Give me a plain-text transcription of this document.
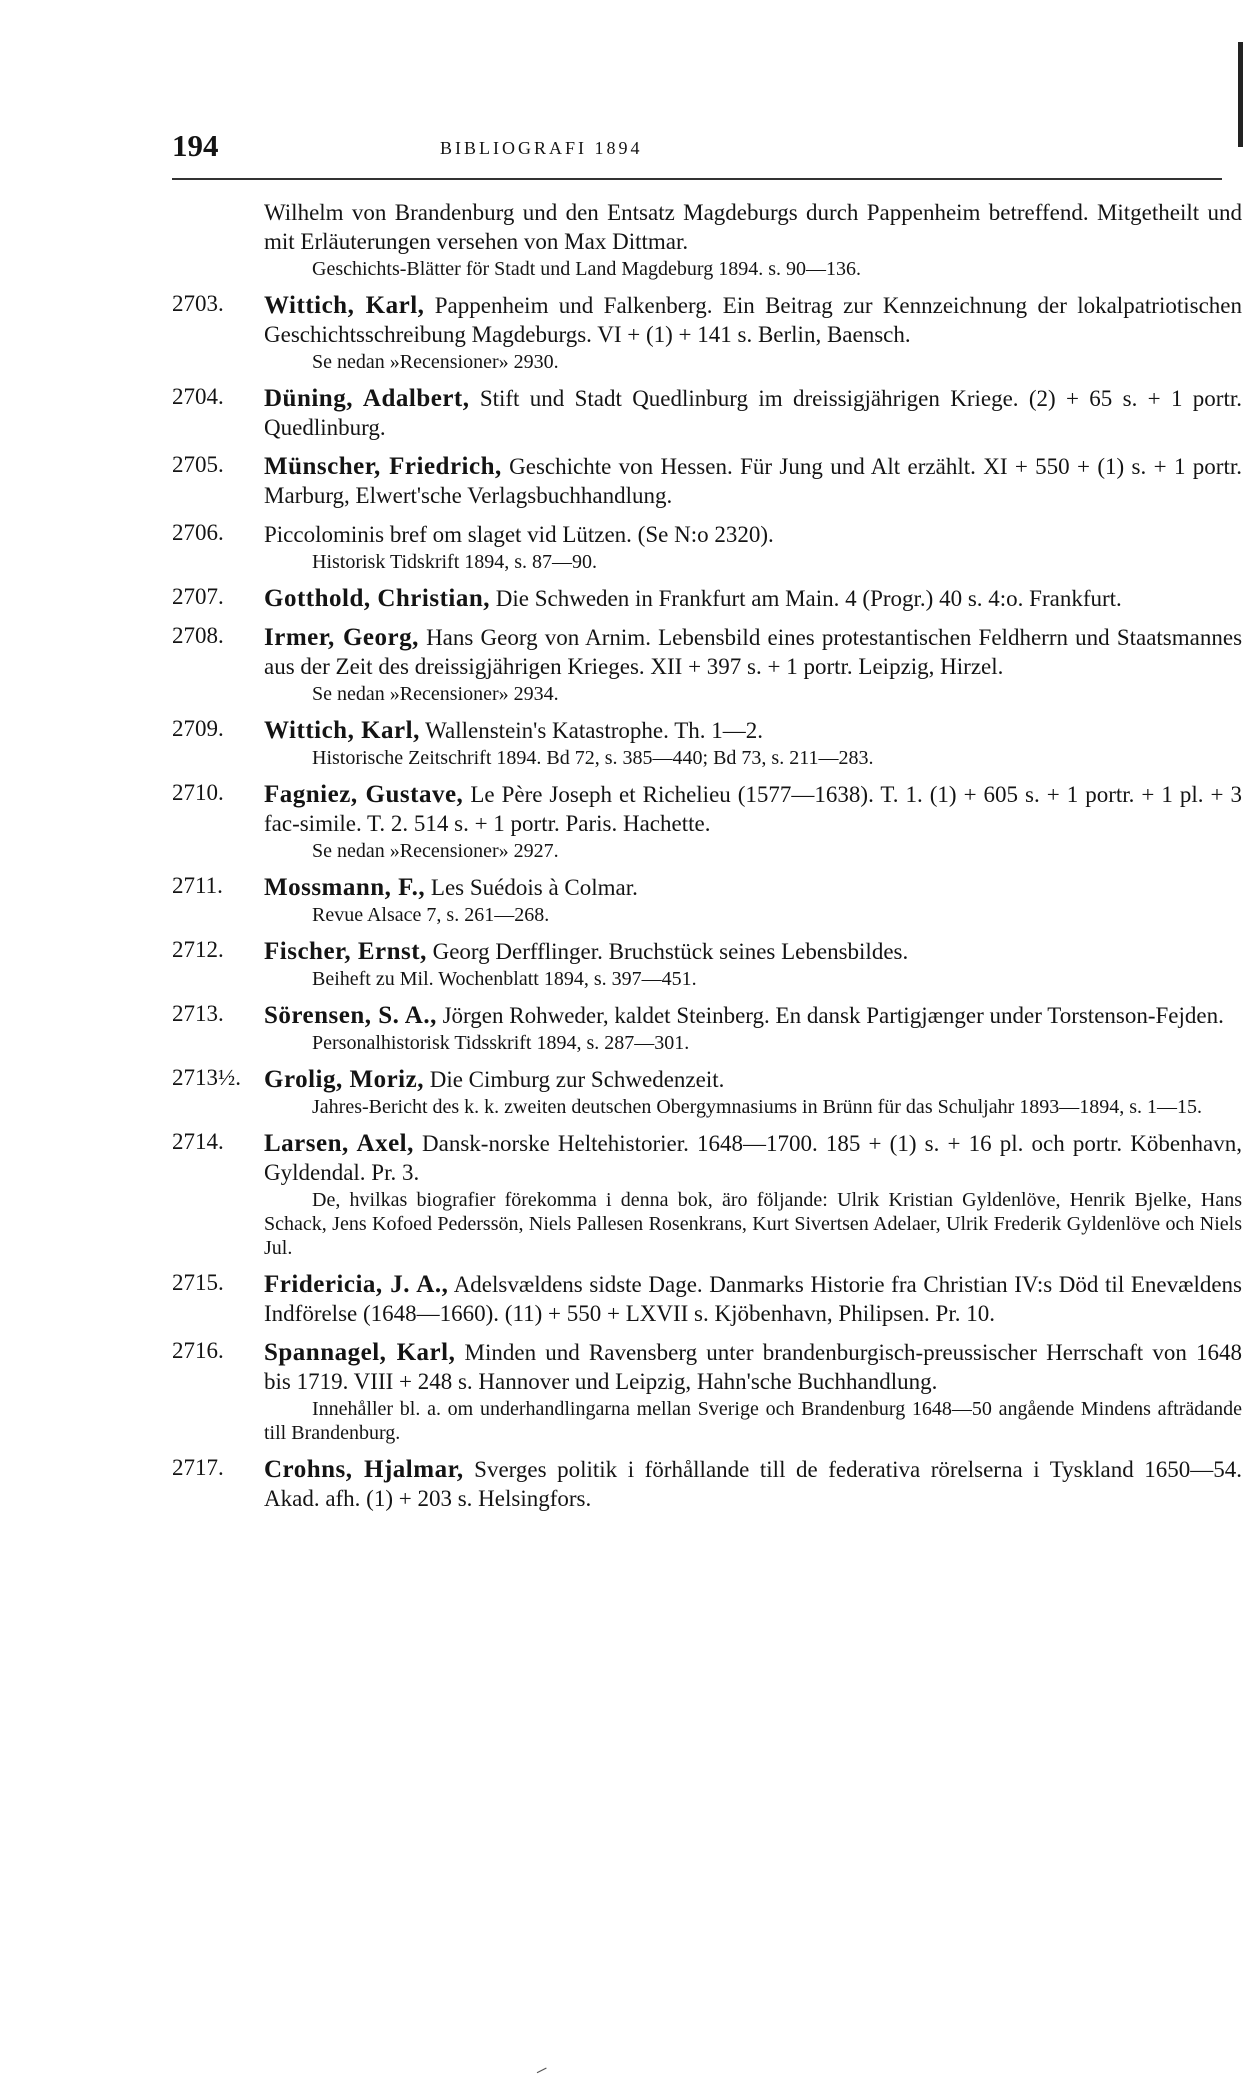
194	BIBLIOGRAFI 1894
Wilhelm von Brandenburg und den Entsatz Magdeburgs durch Pappenheim betreffend. Mitgetheilt und mit Erläuterungen versehen von Max Dittmar.
Geschichts-Blätter för Stadt und Land Magdeburg 1894. s. 90—136.
2703. Wittich, Karl, Pappenheim und Falkenberg. Ein Beitrag zur Kennzeichnung der lokalpatriotischen Geschichtsschreibung Magdeburgs. VI + (1) + 141 s. Berlin, Baensch.
Se nedan »Recensioner» 2930.
2704. Düning, Adalbert, Stift und Stadt Quedlinburg im dreissigjährigen Kriege. (2) + 65 s. + 1 portr. Quedlinburg.
2705. Münscher, Friedrich, Geschichte von Hessen. Für Jung und Alt erzählt. XI + 550 + (1) s. + 1 portr. Marburg, Elwert'sche Verlagsbuchhandlung.
2706. Piccolominis bref om slaget vid Lützen. (Se N:o 2320).
Historisk Tidskrift 1894, s. 87—90.
2707. Gotthold, Christian, Die Schweden in Frankfurt am Main. 4 (Progr.) 40 s. 4:o. Frankfurt.
2708. Irmer, Georg, Hans Georg von Arnim. Lebensbild eines protestantischen Feldherrn und Staatsmannes aus der Zeit des dreissigjährigen Krieges. XII + 397 s. + 1 portr. Leipzig, Hirzel.
Se nedan »Recensioner» 2934.
2709. Wittich, Karl, Wallenstein's Katastrophe. Th. 1—2.
Historische Zeitschrift 1894. Bd 72, s. 385—440; Bd 73, s. 211—283.
2710. Fagniez, Gustave, Le Père Joseph et Richelieu (1577—1638). T. 1. (1) + 605 s. + 1 portr. + 1 pl. + 3 fac-simile. T. 2. 514 s. + 1 portr. Paris. Hachette.
Se nedan »Recensioner» 2927.
2711. Mossmann, F., Les Suédois à Colmar.
Revue Alsace 7, s. 261—268.
2712. Fischer, Ernst, Georg Derfflinger. Bruchstück seines Lebensbildes.
Beiheft zu Mil. Wochenblatt 1894, s. 397—451.
2713. Sörensen, S. A., Jörgen Rohweder, kaldet Steinberg. En dansk Partigjænger under Torstenson-Fejden.
Personalhistorisk Tidsskrift 1894, s. 287—301.
2713½. Grolig, Moriz, Die Cimburg zur Schwedenzeit.
Jahres-Bericht des k. k. zweiten deutschen Obergymnasiums in Brünn für das Schuljahr 1893—1894, s. 1—15.
2714. Larsen, Axel, Dansk-norske Heltehistorier. 1648—1700. 185 + (1) s. + 16 pl. och portr. Köbenhavn, Gyldendal. Pr. 3.
De, hvilkas biografier förekomma i denna bok, äro följande: Ulrik Kristian Gyldenlöve, Henrik Bjelke, Hans Schack, Jens Kofoed Pederssön, Niels Pallesen Rosenkrans, Kurt Sivertsen Adelaer, Ulrik Frederik Gyldenlöve och Niels Jul.
2715. Fridericia, J. A., Adelsvældens sidste Dage. Danmarks Historie fra Christian IV:s Död til Enevældens Indförelse (1648—1660). (11) + 550 + LXVII s. Kjöbenhavn, Philipsen. Pr. 10.
2716. Spannagel, Karl, Minden und Ravensberg unter brandenburgisch-preussischer Herrschaft von 1648 bis 1719. VIII + 248 s. Hannover und Leipzig, Hahn'sche Buchhandlung.
Innehåller bl. a. om underhandlingarna mellan Sverige och Brandenburg 1648—50 angående Mindens afträdande till Brandenburg.
2717. Crohns, Hjalmar, Sverges politik i förhållande till de federativa rörelserna i Tyskland 1650—54. Akad. afh. (1) + 203 s. Helsingfors.
⸝
